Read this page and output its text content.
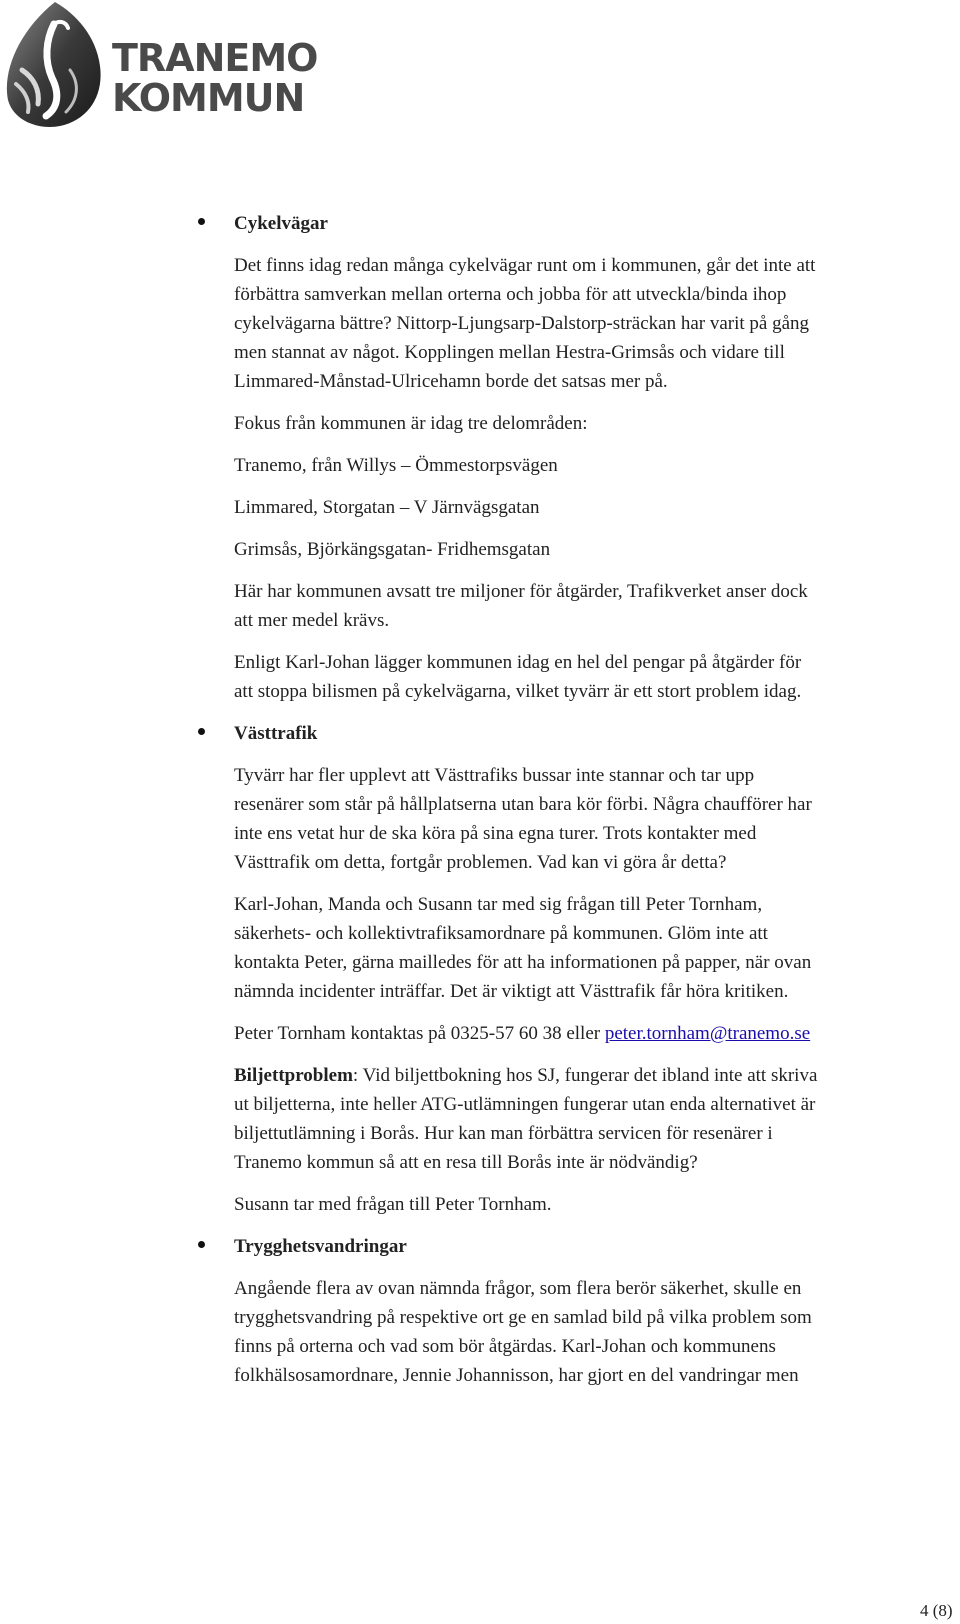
TRANEMO
KOMMUN
Cykelvägar
Det finns idag redan många cykelvägar runt om i kommunen, går det inte att
förbättra samverkan mellan orterna och jobba för att utveckla/binda ihop
cykelvägarna bättre? Nittorp-Ljungsarp-Dalstorp-sträckan har varit på gång
men stannat av något. Kopplingen mellan Hestra-Grimsås och vidare till
Limmared-Månstad-Ulricehamn borde det satsas mer på.
Fokus från kommunen är idag tre delområden:
Tranemo, från Willys – Ömmestorpsvägen
Limmared, Storgatan – V Järnvägsgatan
Grimsås, Björkängsgatan- Fridhemsgatan
Här har kommunen avsatt tre miljoner för åtgärder, Trafikverket anser dock
att mer medel krävs.
Enligt Karl-Johan lägger kommunen idag en hel del pengar på åtgärder för
att stoppa bilismen på cykelvägarna, vilket tyvärr är ett stort problem idag.
Västtrafik
Tyvärr har fler upplevt att Västtrafiks bussar inte stannar och tar upp
resenärer som står på hållplatserna utan bara kör förbi. Några chaufförer har
inte ens vetat hur de ska köra på sina egna turer. Trots kontakter med
Västtrafik om detta, fortgår problemen. Vad kan vi göra år detta?
Karl-Johan, Manda och Susann tar med sig frågan till Peter Tornham,
säkerhets- och kollektivtrafiksamordnare på kommunen. Glöm inte att
kontakta Peter, gärna mailledes för att ha informationen på papper, när ovan
nämnda incidenter inträffar. Det är viktigt att Västtrafik får höra kritiken.
Peter Tornham kontaktas på 0325-57 60 38 eller peter.tornham@tranemo.se
Biljettproblem: Vid biljettbokning hos SJ, fungerar det ibland inte att skriva
ut biljetterna, inte heller ATG-utlämningen fungerar utan enda alternativet är
biljettutlämning i Borås. Hur kan man förbättra servicen för resenärer i
Tranemo kommun så att en resa till Borås inte är nödvändig?
Susann tar med frågan till Peter Tornham.
Trygghetsvandringar
Angående flera av ovan nämnda frågor, som flera berör säkerhet, skulle en
trygghetsvandring på respektive ort ge en samlad bild på vilka problem som
finns på orterna och vad som bör åtgärdas. Karl-Johan och kommunens
folkhälsosamordnare, Jennie Johannisson, har gjort en del vandringar men
4 (8)
